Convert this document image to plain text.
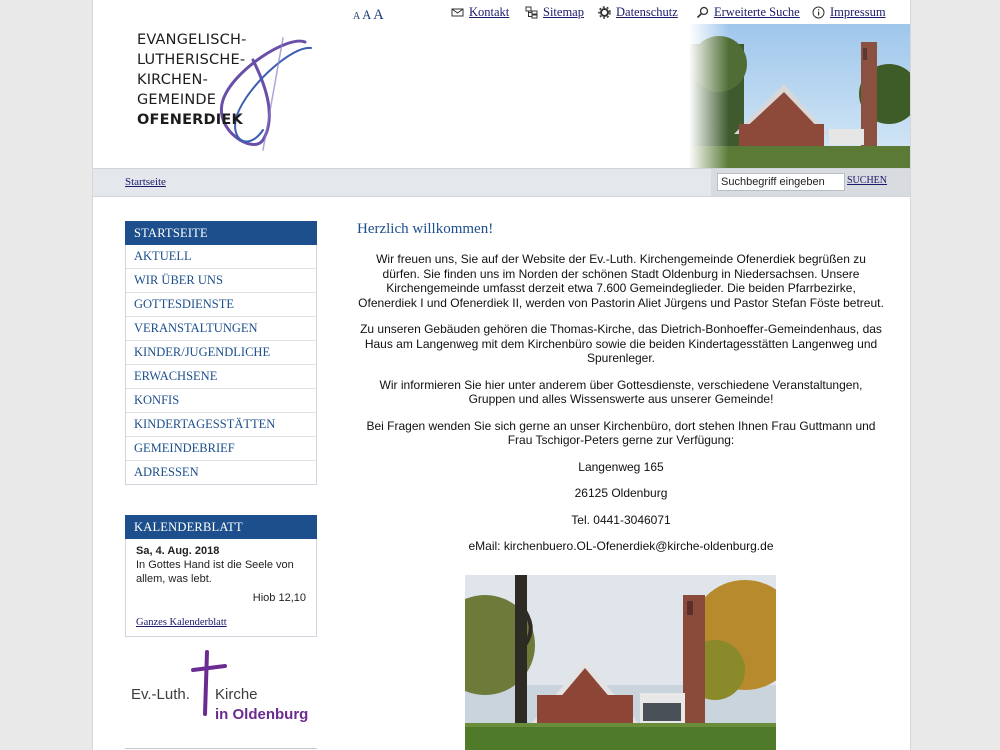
EVANGELISCH-
LUTHERISCHE-
KIRCHEN-
GEMEINDE
OFENERDIEK
A A A	Kontakt	Sitemap	Datenschutz	Erweiterte Suche Impressum
Startseite
Suchbegriff eingeben	SUCHEN
STARTSEITE
AKTUELL
WIR ÜBER UNS
GOTTESDIENSTE
VERANSTALTUNGEN
KINDER/JUGENDLICHE
ERWACHSENE
KONFIS
KINDERTAGESSTÄTTEN
GEMEINDEBRIEF
ADRESSEN
KALENDERBLATT
Sa, 4. Aug. 2018
In Gottes Hand ist die Seele von allem, was lebt.
Hiob 12,10
Ganzes Kalenderblatt
Ev.-Luth. Kirche
in Oldenburg
Herzlich willkommen!

Wir freuen uns, Sie auf der Website der Ev.-Luth. Kirchengemeinde Ofenerdiek begrüßen zu dürfen. Sie finden uns im Norden der schönen Stadt Oldenburg in Niedersachsen. Unsere Kirchengemeinde umfasst derzeit etwa 7.600 Gemeindeglieder. Die beiden Pfarrbezirke, Ofenerdiek I und Ofenerdiek II, werden von Pastorin Aliet Jürgens und Pastor Stefan Föste betreut.

Zu unseren Gebäuden gehören die Thomas-Kirche, das Dietrich-Bonhoeffer-Gemeindenhaus, das Haus am Langenweg mit dem Kirchenbüro sowie die beiden Kindertagesstätten Langenweg und Spurenleger.

Wir informieren Sie hier unter anderem über Gottesdienste, verschiedene Veranstaltungen, Gruppen und alles Wissenswerte aus unserer Gemeinde!

Bei Fragen wenden Sie sich gerne an unser Kirchenbüro, dort stehen Ihnen Frau Guttmann und Frau Tschigor-Peters gerne zur Verfügung:

Langenweg 165

26125 Oldenburg

Tel. 0441-3046071

eMail: kirchenbuero.OL-Ofenerdiek@kirche-oldenburg.de
